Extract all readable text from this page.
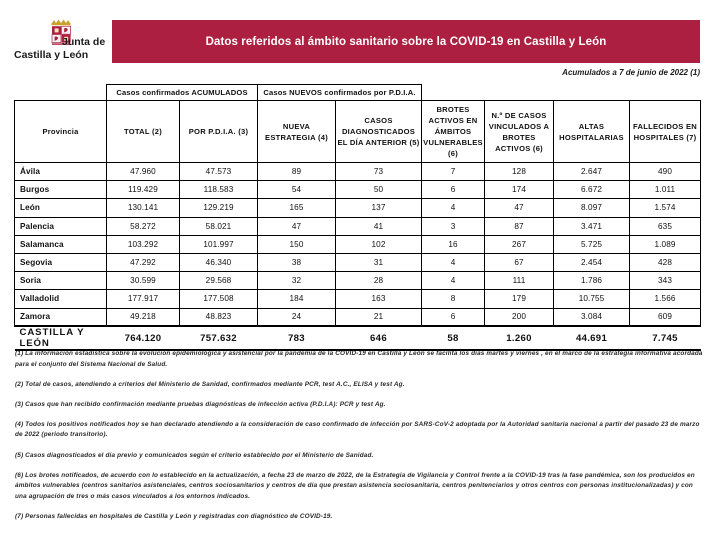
Junta de
Castilla y León
Datos referidos al ámbito sanitario sobre la COVID-19 en Castilla y León
Acumulados a 7 de junio de 2022 (1)
	Casos confirmados ACUMULADOS		Casos NUEVOS confirmados por P.D.I.A.					
Provincia	TOTAL (2)	POR P.D.I.A. (3)	NUEVA ESTRATEGIA (4)	CASOS DIAGNOSTICADOS EL DÍA ANTERIOR (5)	BROTES ACTIVOS EN ÁMBITOS VULNERABLES (6)	N.º DE CASOS VINCULADOS A BROTES ACTIVOS (6)	ALTAS HOSPITALARIAS	FALLECIDOS EN HOSPITALES (7)
Ávila	47.960	47.573	89	73	7	128	2.647	490
Burgos	119.429	118.583	54	50	6	174	6.672	1.011
León	130.141	129.219	165	137	4	47	8.097	1.574
Palencia	58.272	58.021	47	41	3	87	3.471	635
Salamanca	103.292	101.997	150	102	16	267	5.725	1.089
Segovia	47.292	46.340	38	31	4	67	2.454	428
Soria	30.599	29.568	32	28	4	111	1.786	343
Valladolid	177.917	177.508	184	163	8	179	10.755	1.566
Zamora	49.218	48.823	24	21	6	200	3.084	609
CASTILLA Y LEÓN	764.120	757.632	783	646	58	1.260	44.691	7.745
(1) La información estadística sobre la evolución epidemiológica y asistencial por la pandemia de la COVID-19 en Castilla y León se facilita los días martes y viernes , en el marco de la estrategia informativa acordada para el conjunto del Sistema Nacional de Salud.
(2) Total de casos, atendiendo a criterios del Ministerio de Sanidad, confirmados mediante PCR, test A.C., ELISA y test Ag.
(3) Casos que han recibido confirmación mediante pruebas diagnósticas de infección activa (P.D.I.A): PCR y test Ag.
(4) Todos los positivos notificados hoy se han declarado atendiendo a la consideración de caso confirmado de infección por SARS-CoV-2 adoptada por la Autoridad sanitaria nacional a partir del pasado 23 de marzo de 2022 (periodo transitorio).
(5) Casos diagnosticados el día previo y comunicados según el criterio establecido por el Ministerio de Sanidad.
(6) Los brotes notificados, de acuerdo con lo establecido en la actualización, a fecha 23 de marzo de 2022, de la Estrategia de Vigilancia y Control frente a la COVID-19 tras la fase pandémica, son los producidos en ámbitos vulnerables (centros sanitarios asistenciales, centros sociosanitarios y centros de día que prestan asistencia sociosanitaria, centros penitenciarios y otros centros con personas institucionalizadas) y con una agrupación de tres o más casos vinculados a los entornos indicados.
(7) Personas fallecidas en hospitales de Castilla y León y registradas con diagnóstico de COVID-19.
